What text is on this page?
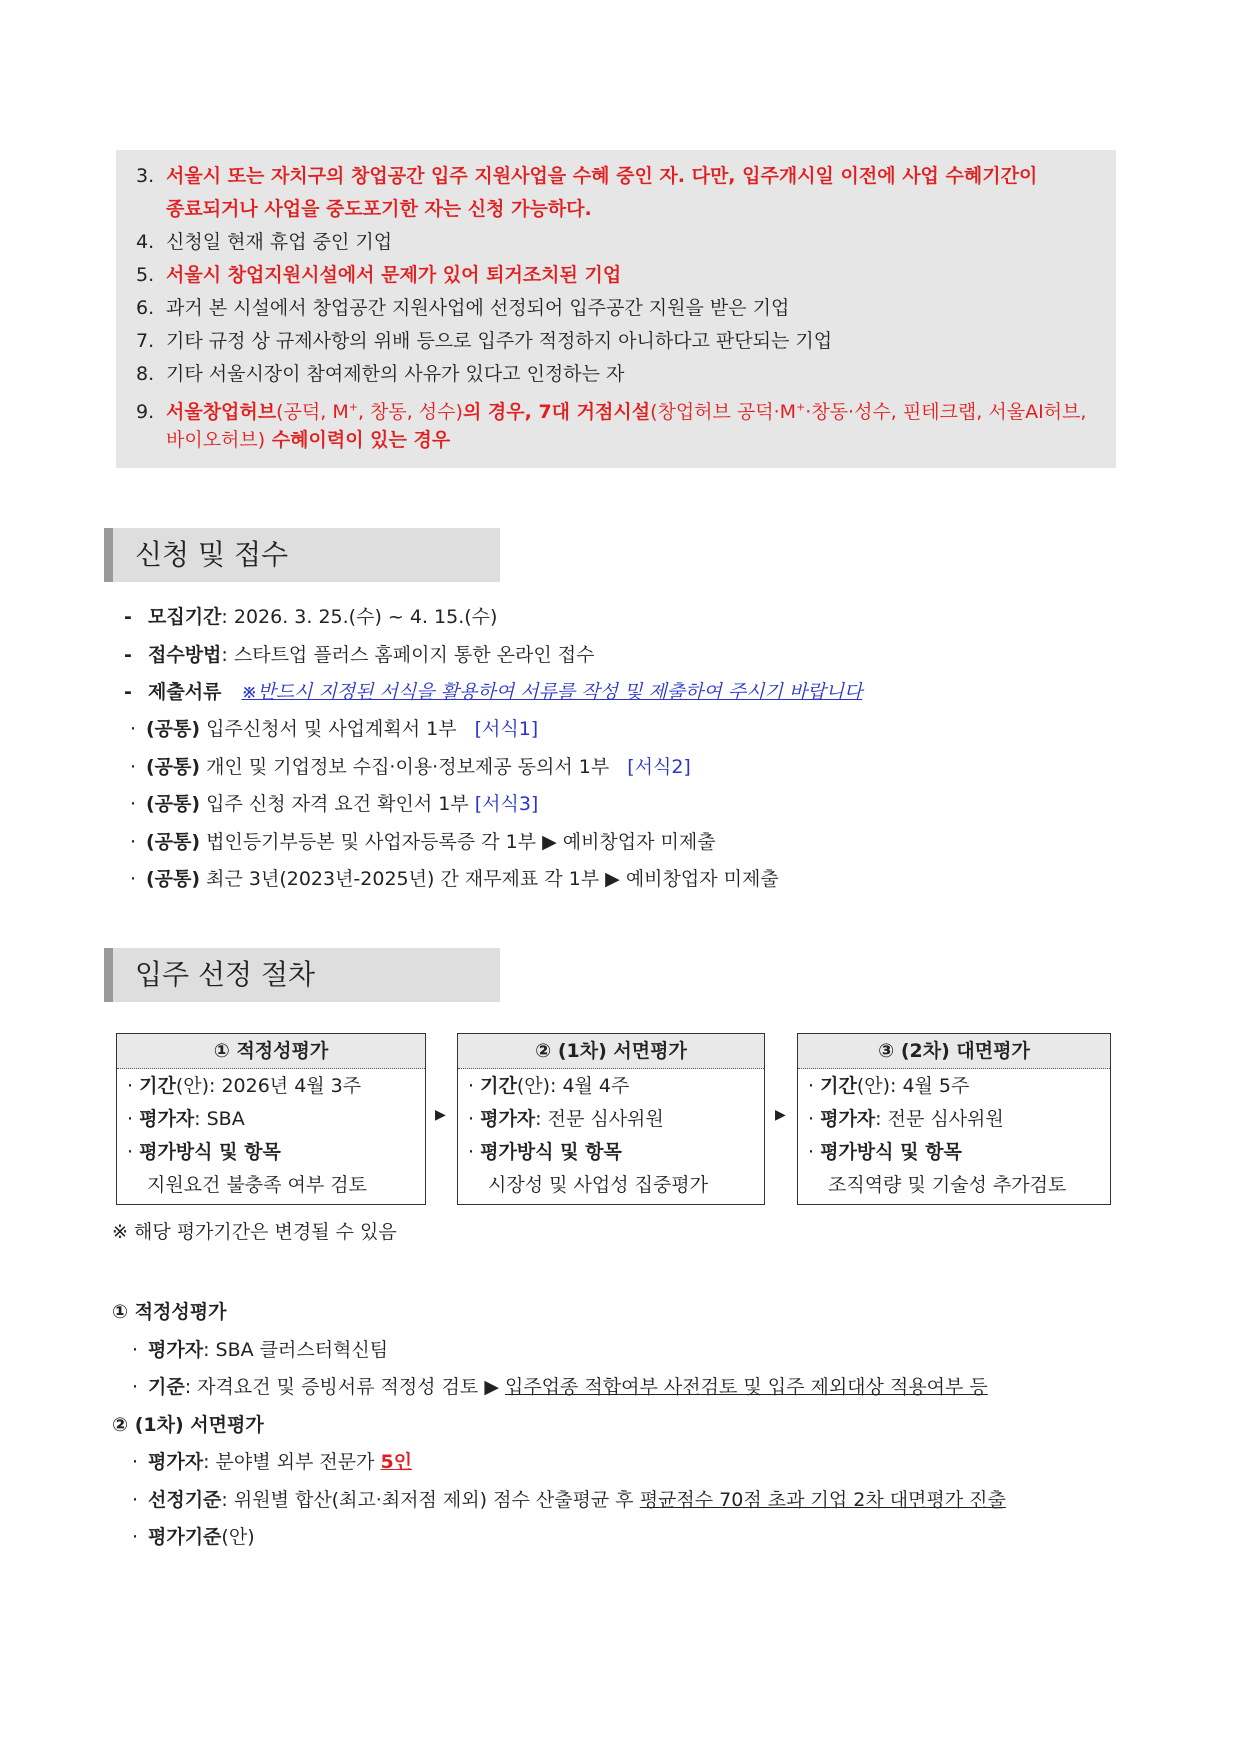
3. 서울시 또는 자치구의 창업공간 입주 지원사업을 수혜 중인 자. 다만, 입주개시일 이전에 사업 수혜기간이
종료되거나 사업을 중도포기한 자는 신청 가능하다.
4. 신청일 현재 휴업 중인 기업
5. 서울시 창업지원시설에서 문제가 있어 퇴거조치된 기업
6. 과거 본 시설에서 창업공간 지원사업에 선정되어 입주공간 지원을 받은 기업
7. 기타 규정 상 규제사항의 위배 등으로 입주가 적정하지 아니하다고 판단되는 기업
8. 기타 서울시장이 참여제한의 사유가 있다고 인정하는 자
9. 서울창업허브(공덕, M+, 창동, 성수)의 경우, 7대 거점시설(창업허브 공덕·M+·창동·성수, 핀테크랩, 서울AI허브,
바이오허브) 수혜이력이 있는 경우
신청 및 접수
- 모집기간: 2026. 3. 25.(수) ~ 4. 15.(수)
- 접수방법: 스타트업 플러스 홈페이지 통한 온라인 접수
- 제출서류 ※반드시 지정된 서식을 활용하여 서류를 작성 및 제출하여 주시기 바랍니다
· (공통) 입주신청서 및 사업계획서 1부 [서식1]
· (공통) 개인 및 기업정보 수집·이용·정보제공 동의서 1부 [서식2]
· (공통) 입주 신청 자격 요건 확인서 1부 [서식3]
· (공통) 법인등기부등본 및 사업자등록증 각 1부 ▶ 예비창업자 미제출
· (공통) 최근 3년(2023년-2025년) 간 재무제표 각 1부 ▶ 예비창업자 미제출
입주 선정 절차
① 적정성평가
· 기간(안): 2026년 4월 3주
· 평가자: SBA
· 평가방식 및 항목
지원요건 불충족 여부 검토
▶
② (1차) 서면평가
· 기간(안): 4월 4주
· 평가자: 전문 심사위원
· 평가방식 및 항목
시장성 및 사업성 집중평가
▶
③ (2차) 대면평가
· 기간(안): 4월 5주
· 평가자: 전문 심사위원
· 평가방식 및 항목
조직역량 및 기술성 추가검토
※ 해당 평가기간은 변경될 수 있음
① 적정성평가
· 평가자: SBA 클러스터혁신팀
· 기준: 자격요건 및 증빙서류 적정성 검토 ▶ 입주업종 적합여부 사전검토 및 입주 제외대상 적용여부 등
② (1차) 서면평가
· 평가자: 분야별 외부 전문가 5인
· 선정기준: 위원별 합산(최고·최저점 제외) 점수 산출평균 후 평균점수 70점 초과 기업 2차 대면평가 진출
· 평가기준(안)
